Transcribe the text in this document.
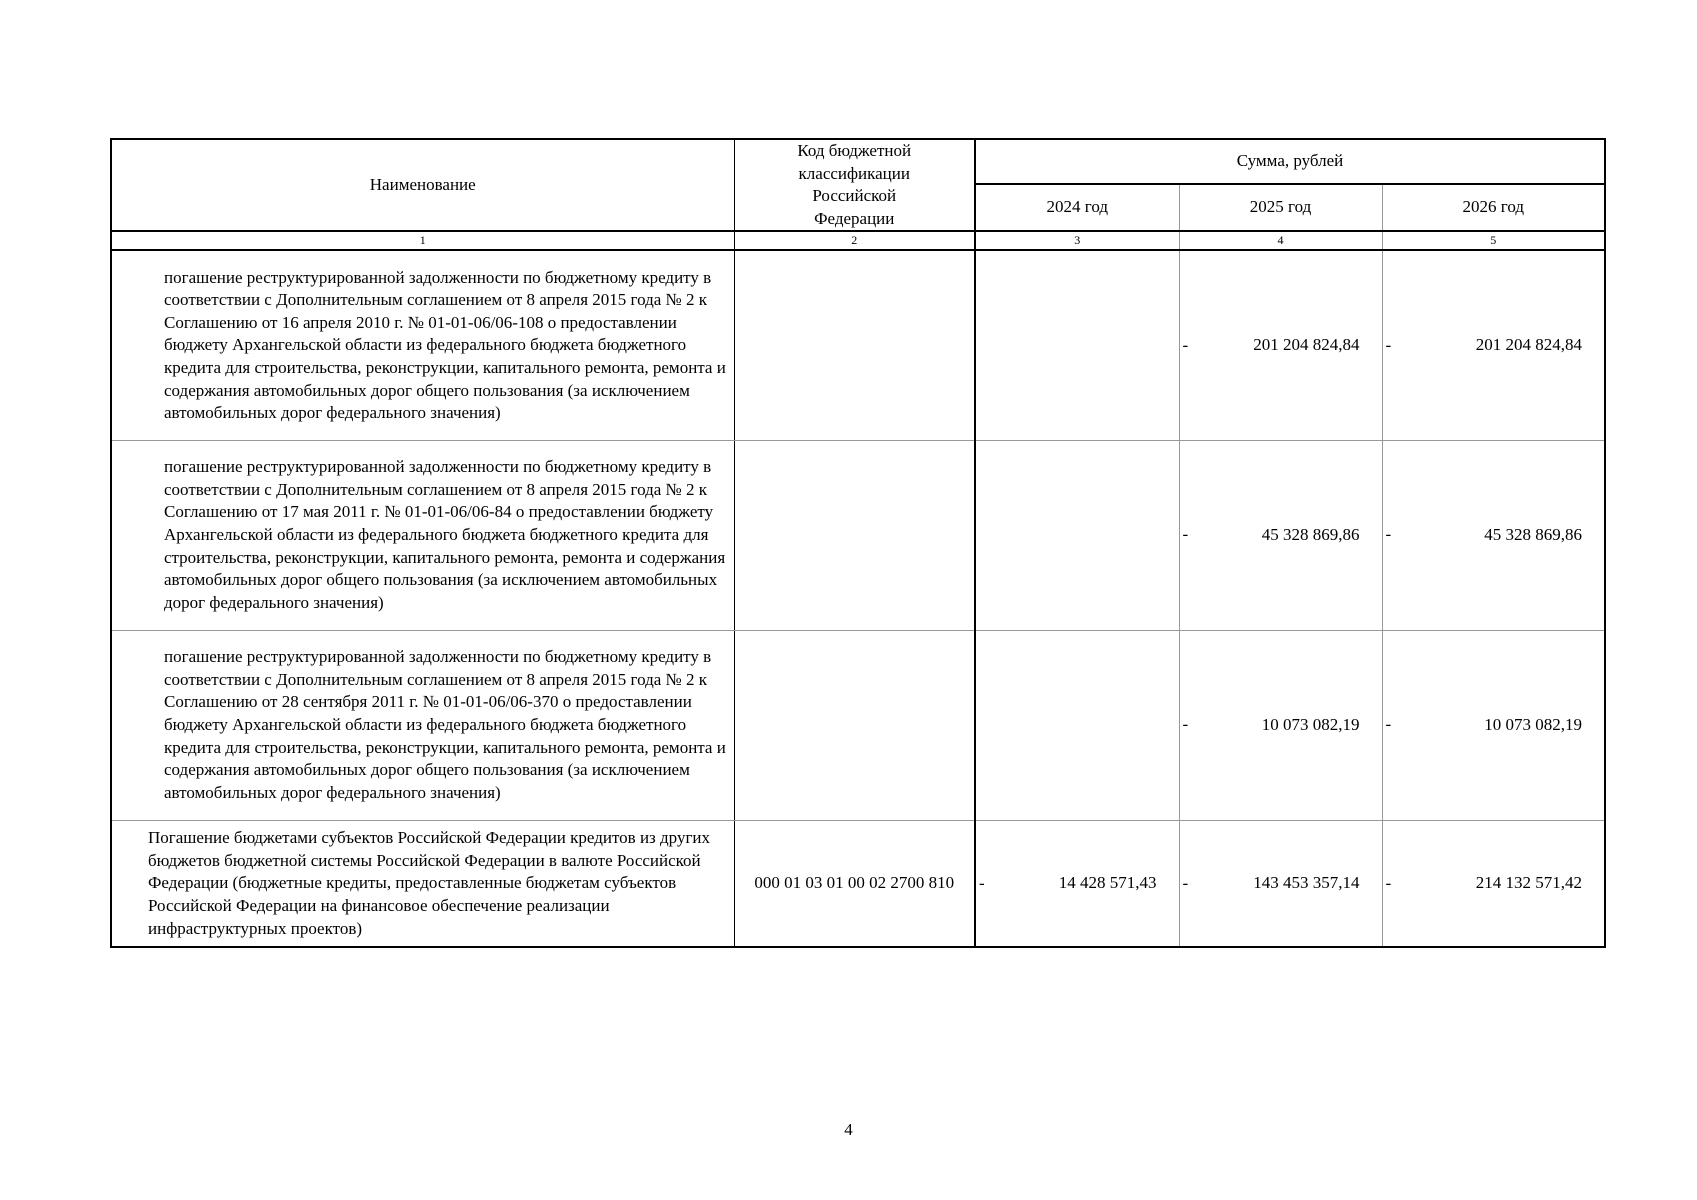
Наименование	Код бюджетной классификации Российской Федерации	Сумма, рублей		
		2024 год	2025 год	2026 год
1	2	3	4	5
погашение реструктурированной задолженности по бюджетному кредиту в соответствии с Дополнительным соглашением от 8 апреля 2015 года № 2 к Соглашению от 16 апреля 2010 г. № 01-01-06/06-108 о предоставлении бюджету Архангельской области из федерального бюджета бюджетного кредита для строительства, реконструкции, капитального ремонта, ремонта и содержания автомобильных дорог общего пользования (за исключением автомобильных дорог федерального значения)			- 201 204 824,84	- 201 204 824,84
погашение реструктурированной задолженности по бюджетному кредиту в соответствии с Дополнительным соглашением от 8 апреля 2015 года № 2 к Соглашению от 17 мая 2011 г. № 01-01-06/06-84 о предоставлении бюджету Архангельской области из федерального бюджета бюджетного кредита для строительства, реконструкции, капитального ремонта, ремонта и содержания автомобильных дорог общего пользования (за исключением автомобильных дорог федерального значения)			- 45 328 869,86	- 45 328 869,86
погашение реструктурированной задолженности по бюджетному кредиту в соответствии с Дополнительным соглашением от 8 апреля 2015 года № 2 к Соглашению от 28 сентября 2011 г. № 01-01-06/06-370 о предоставлении бюджету Архангельской области из федерального бюджета бюджетного кредита для строительства, реконструкции, капитального ремонта, ремонта и содержания автомобильных дорог общего пользования (за исключением автомобильных дорог федерального значения)			- 10 073 082,19	- 10 073 082,19
Погашение бюджетами субъектов Российской Федерации кредитов из других бюджетов бюджетной системы Российской Федерации в валюте Российской Федерации (бюджетные кредиты, предоставленные бюджетам субъектов Российской Федерации на финансовое обеспечение реализации инфраструктурных проектов)	000 01 03 01 00 02 2700 810	- 14 428 571,43	- 143 453 357,14	- 214 132 571,42
4
